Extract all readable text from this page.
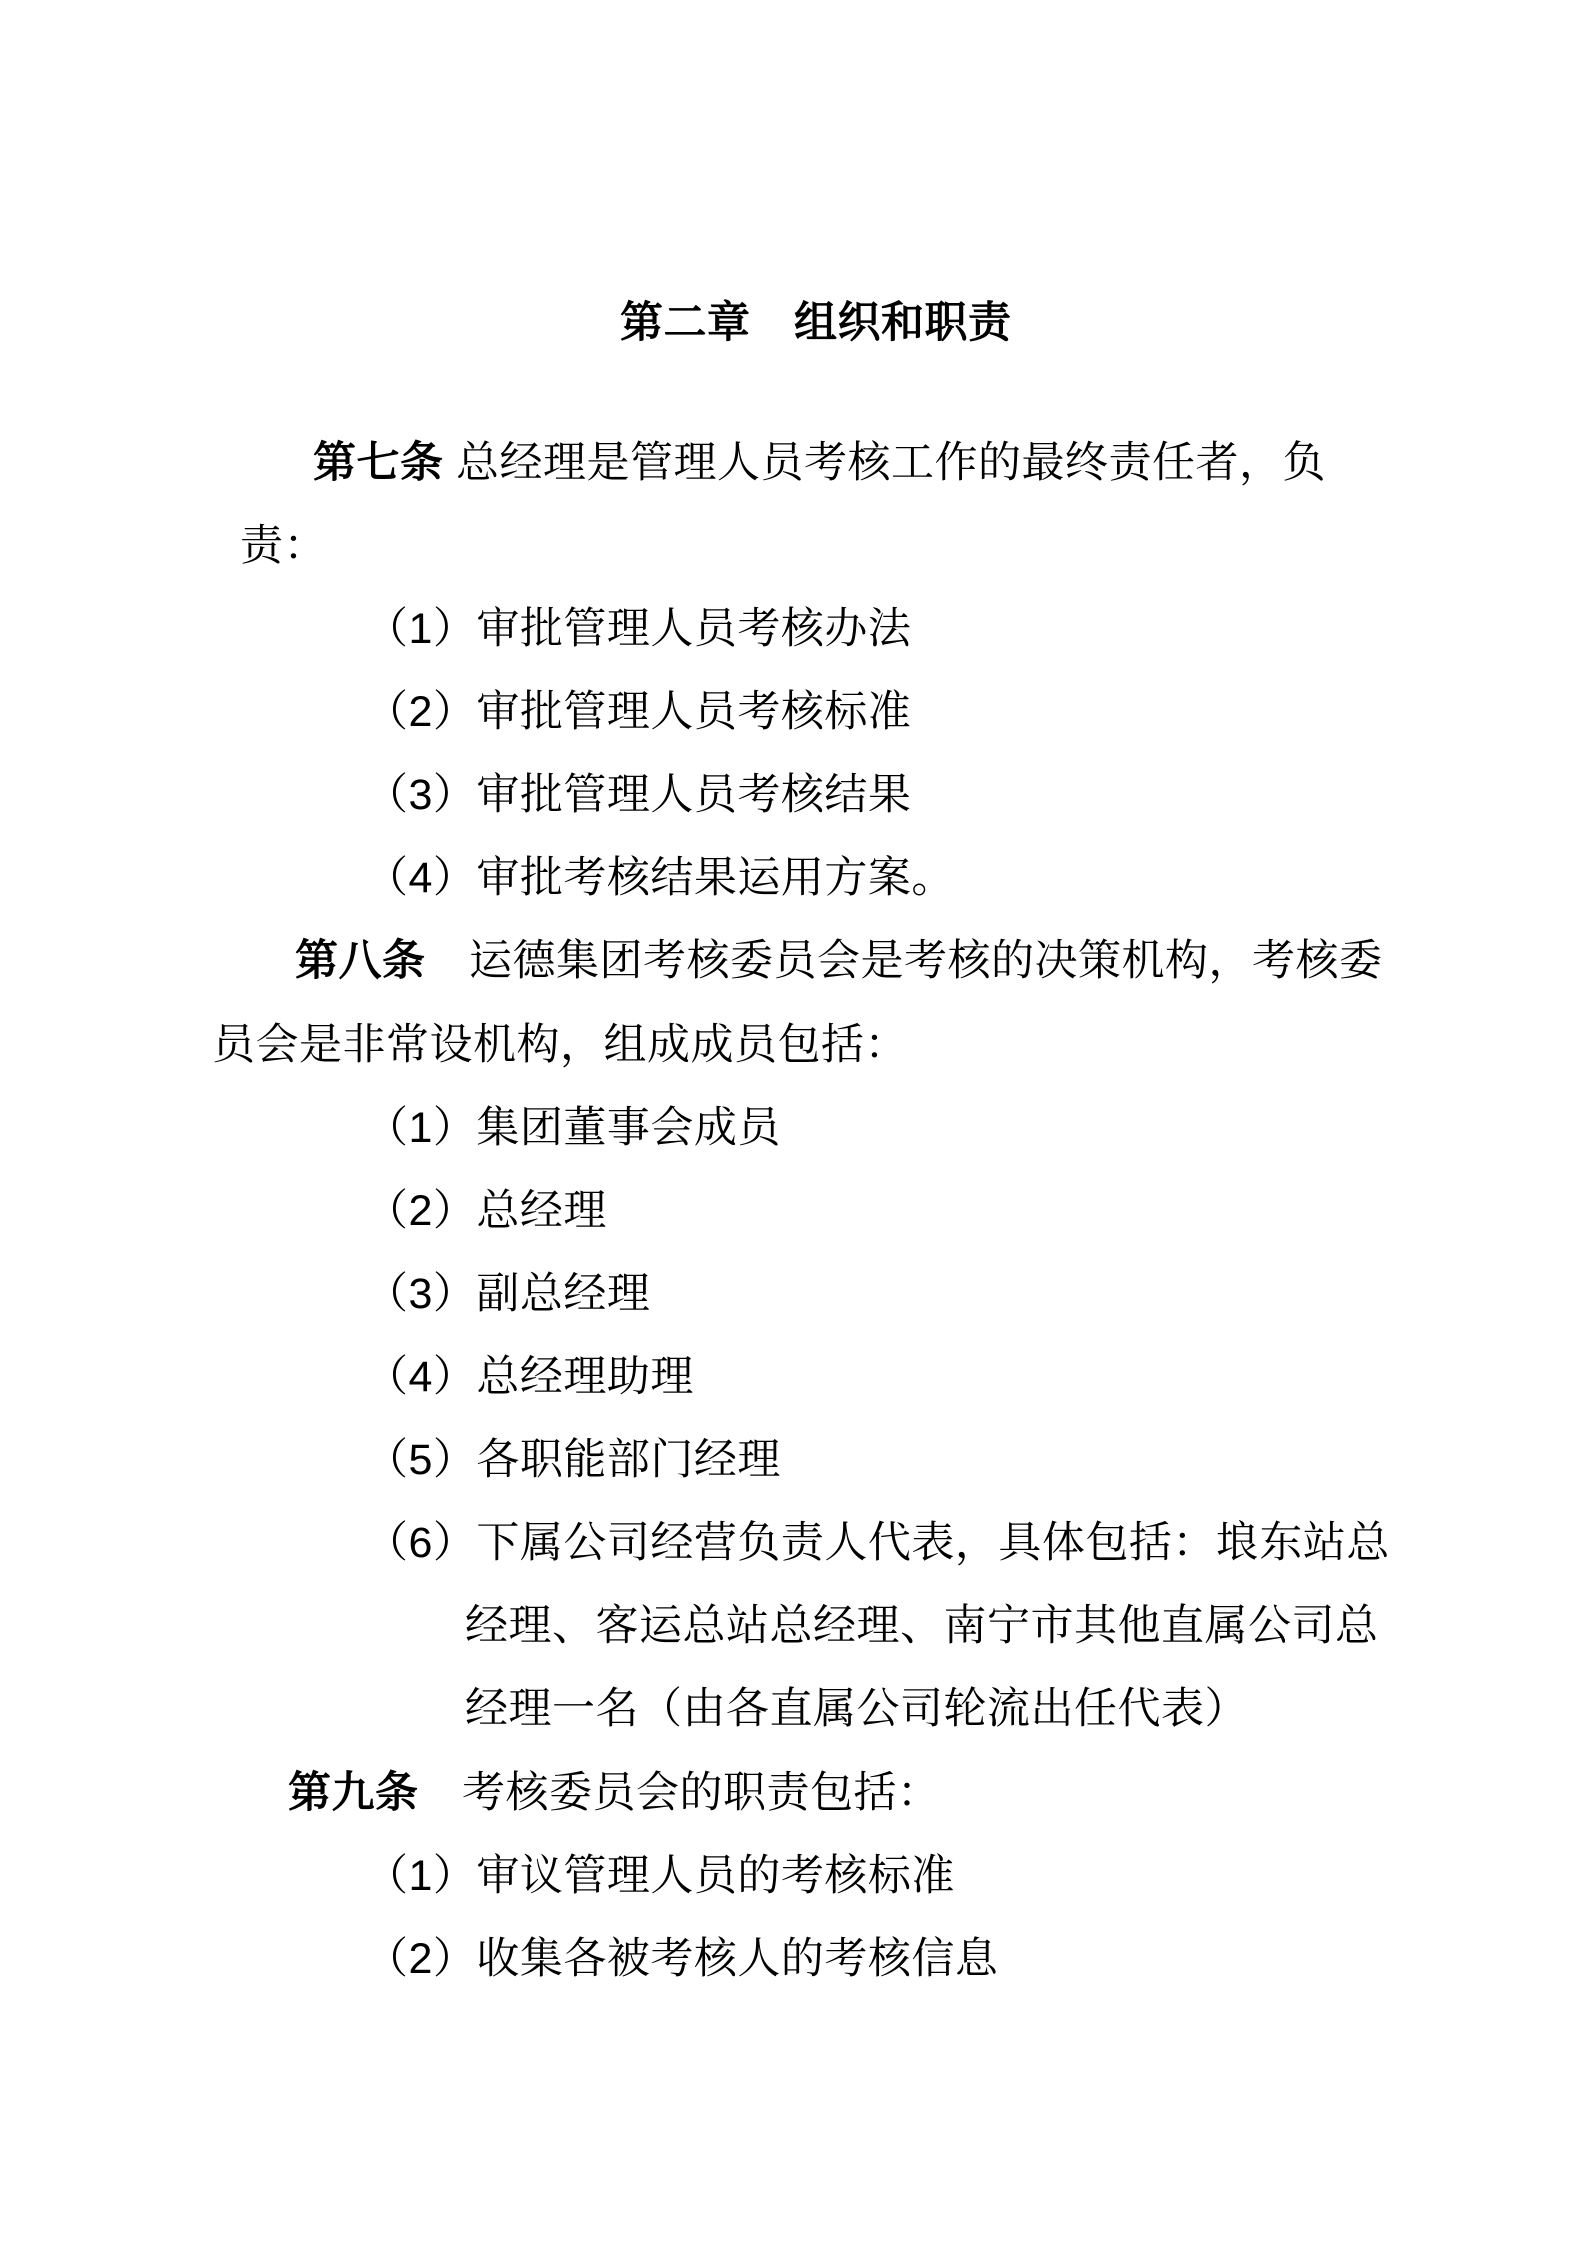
第二章　组织和职责
第七条 总经理是管理人员考核工作的最终责任者，负
责：
（1）审批管理人员考核办法
（2）审批管理人员考核标准
（3）审批管理人员考核结果
（4）审批考核结果运用方案。
第八条　运德集团考核委员会是考核的决策机构，考核委
员会是非常设机构，组成成员包括：
（1）集团董事会成员
（2）总经理
（3）副总经理
（4）总经理助理
（5）各职能部门经理
（6）下属公司经营负责人代表，具体包括：埌东站总
经理、客运总站总经理、南宁市其他直属公司总
经理一名（由各直属公司轮流出任代表）
第九条　考核委员会的职责包括：
（1）审议管理人员的考核标准
（2）收集各被考核人的考核信息
